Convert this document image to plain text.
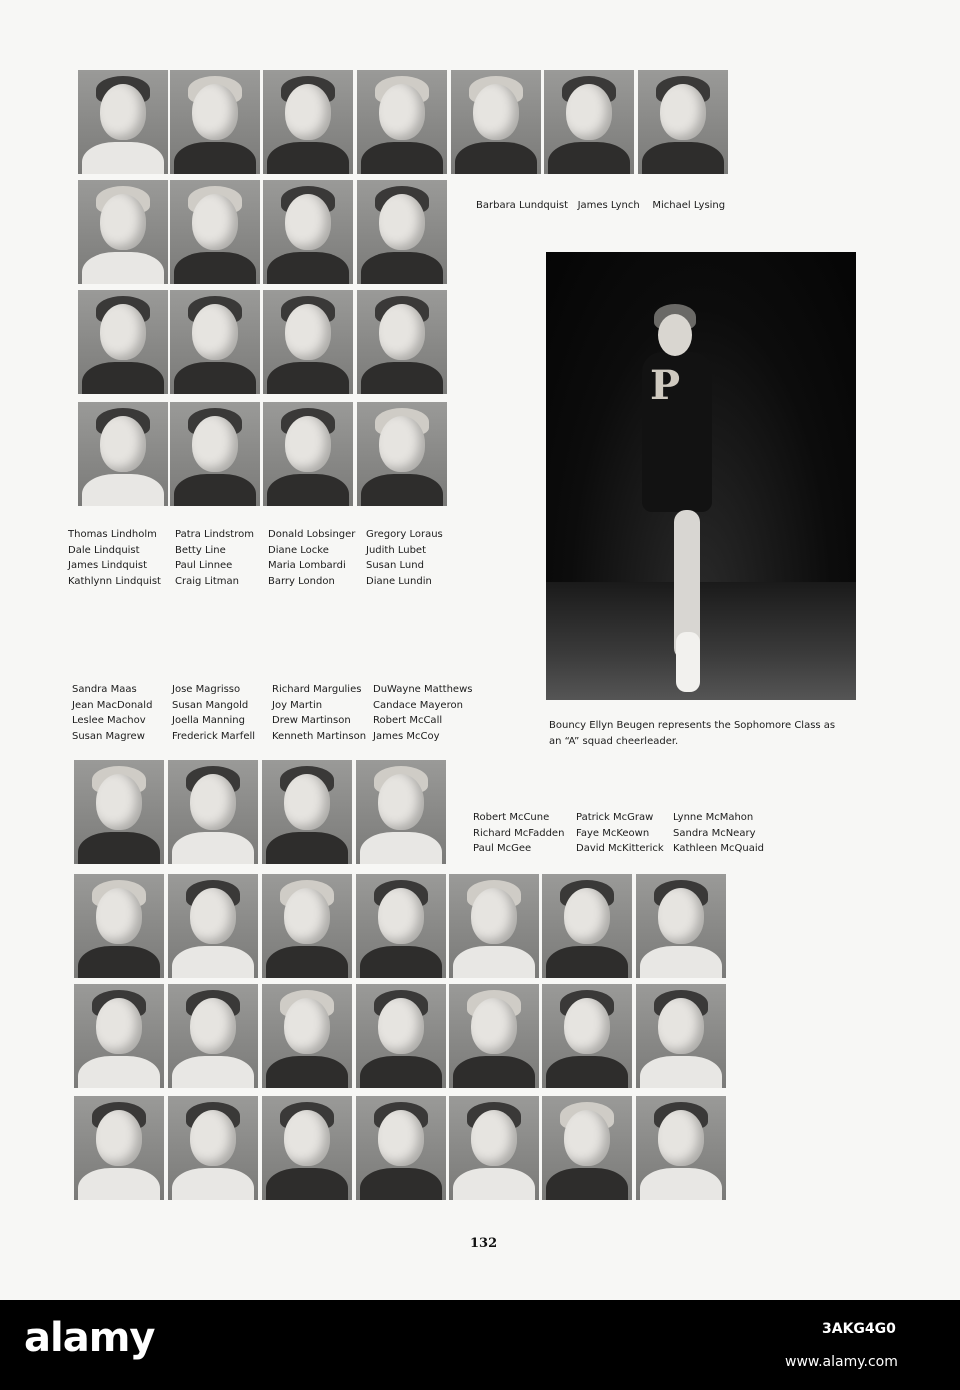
Barbara Lundquist James Lynch Michael Lysing
Thomas Lindholm
Dale Lindquist
James Lindquist
Kathlynn Lindquist
Patra Lindstrom
Betty Line
Paul Linnee
Craig Litman
Donald Lobsinger
Diane Locke
Maria Lombardi
Barry London
Gregory Loraus
Judith Lubet
Susan Lund
Diane Lundin
P
Bouncy Ellyn Beugen represents the Sophomore Class as an “A” squad cheerleader.
Sandra Maas
Jean MacDonald
Leslee Machov
Susan Magrew
Jose Magrisso
Susan Mangold
Joella Manning
Frederick Marfell
Richard Margulies
Joy Martin
Drew Martinson
Kenneth Martinson
DuWayne Matthews
Candace Mayeron
Robert McCall
James McCoy
Robert McCune
Richard McFadden
Paul McGee
Patrick McGraw
Faye McKeown
David McKitterick
Lynne McMahon
Sandra McNeary
Kathleen McQuaid
132
alamy	3AKG4G0
www.alamy.com
